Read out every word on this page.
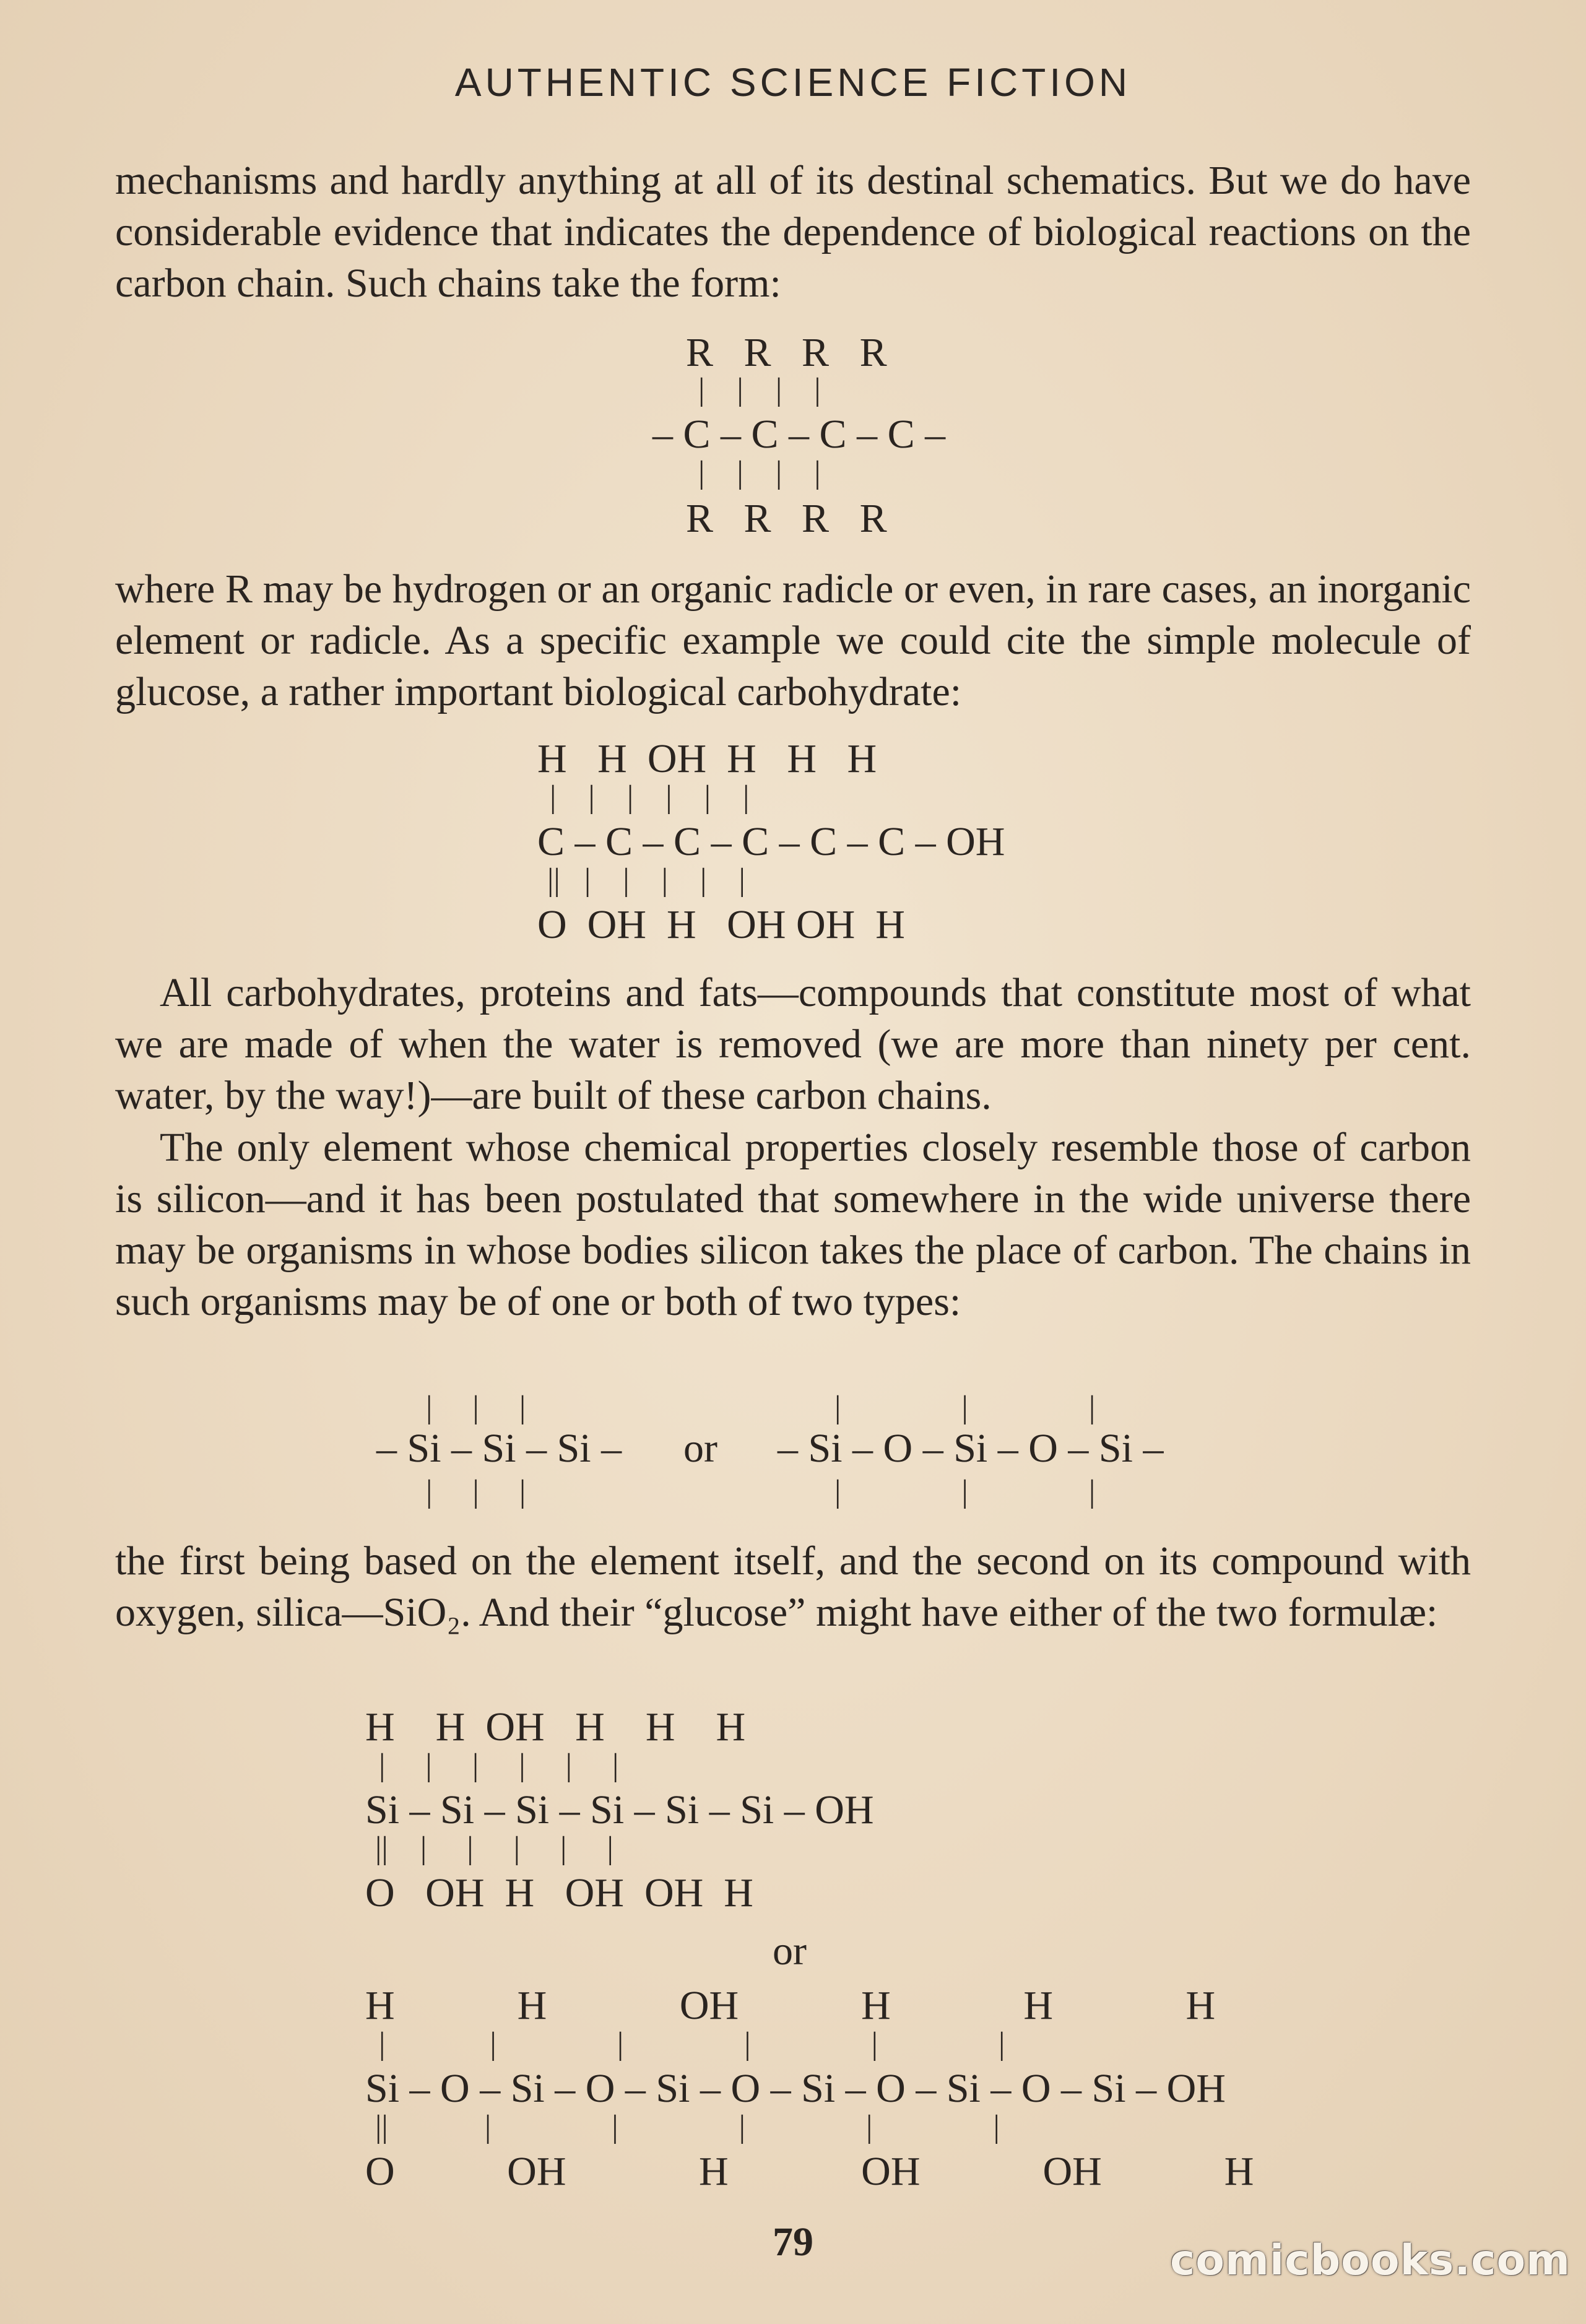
AUTHENTIC SCIENCE FICTION

mechanisms and hardly anything at all of its destinal schematics. But we do have considerable evidence that indicates the dependence of biological reactions on the carbon chain. Such chains take the form:

R   R   R   R
|    |    |    |
– C – C – C – C –
|    |    |    |
R   R   R   R

where R may be hydrogen or an organic radicle or even, in rare cases, an inorganic element or radicle. As a specific example we could cite the simple molecule of glucose, a rather important biological carbohydrate:

H   H  OH  H   H   H
|    |    |    |    |    |
C – C – C – C – C – C – OH
||   |    |    |    |    |
O  OH  H   OH OH  H

All carbohydrates, proteins and fats—compounds that constitute most of what we are made of when the water is removed (we are more than ninety per cent. water, by the way!)—are built of these carbon chains.

The only element whose chemical properties closely resemble those of carbon is silicon—and it has been postulated that somewhere in the wide universe there may be organisms in whose bodies silicon takes the place of carbon. The chains in such organisms may be of one or both of two types:

|     |     |
– Si – Si – Si –
|     |     |
or
|               |               |
– Si – O – Si – O – Si –
|               |               |

the first being based on the element itself, and the second on its compound with oxygen, silica—SiO₂. And their “glucose” might have either of the two formulæ:

H    H  OH   H    H    H
|     |     |     |     |     |
Si – Si – Si – Si – Si – Si – OH
||    |     |     |     |     |
O   OH  H   OH  OH  H
or
H            H             OH            H             H             H
|             |               |               |               |               |
Si – O – Si – O – Si – O – Si – O – Si – O – Si – OH
||            |               |               |               |               |
O           OH             H             OH            OH            H
79	comicbooks.com
